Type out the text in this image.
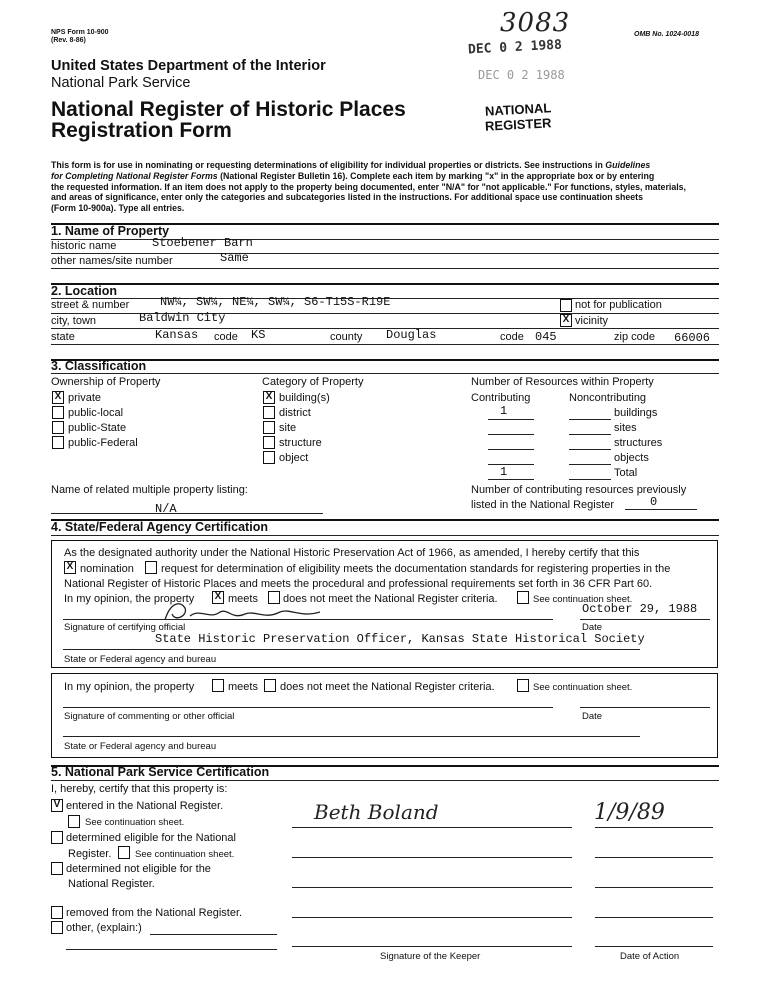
NPS Form 10-900
(Rev. 8-86)
OMB No. 1024-0018
3083
DEC 0 2 1988
DEC 0 2 1988
NATIONAL
REGISTER
United States Department of the Interior
National Park Service
National Register of Historic Places
Registration Form
This form is for use in nominating or requesting determinations of eligibility for individual properties or districts. See instructions in Guidelines
for Completing National Register Forms (National Register Bulletin 16). Complete each item by marking "x" in the appropriate box or by entering
the requested information. If an item does not apply to the property being documented, enter "N/A" for "not applicable." For functions, styles, materials,
and areas of significance, enter only the categories and subcategories listed in the instructions. For additional space use continuation sheets
(Form 10-900a). Type all entries.
1. Name of Property
historic name	Stoebener Barn
other names/site number	Same
2. Location
street & number	NW¼, SW¼, NE¼, SW¼, S6-T15S-R19E	not for publication
city, town	Baldwin City	X vicinity
state	Kansas code KS	county Douglas	code 045	zip code 66006
3. Classification
Ownership of Property	Category of Property	Number of Resources within Property
Contributing	Noncontributing
X private
public-local
public-State
public-Federal
X building(s)
district
site
structure
object
1	buildings
sites
structures
objects
1	Total
Name of related multiple property listing:
N/A
Number of contributing resources previously
listed in the National Register	0
4. State/Federal Agency Certification
As the designated authority under the National Historic Preservation Act of 1966, as amended, I hereby certify that this
X nomination request for determination of eligibility meets the documentation standards for registering properties in the
National Register of Historic Places and meets the procedural and professional requirements set forth in 36 CFR Part 60.
In my opinion, the property X meets does not meet the National Register criteria.	See continuation sheet.
October 29, 1988
Signature of certifying official	Date
State Historic Preservation Officer, Kansas State Historical Society
State or Federal agency and bureau
In my opinion, the property	meets does not meet the National Register criteria.	See continuation sheet.
Signature of commenting or other official	Date
State or Federal agency and bureau
5. National Park Service Certification
I, hereby, certify that this property is:
V entered in the National Register.
See continuation sheet.
determined eligible for the National
Register. See continuation sheet.
determined not eligible for the
National Register.
removed from the National Register.
other, (explain:)
Beth Boland	1/9/89
Signature of the Keeper	Date of Action
